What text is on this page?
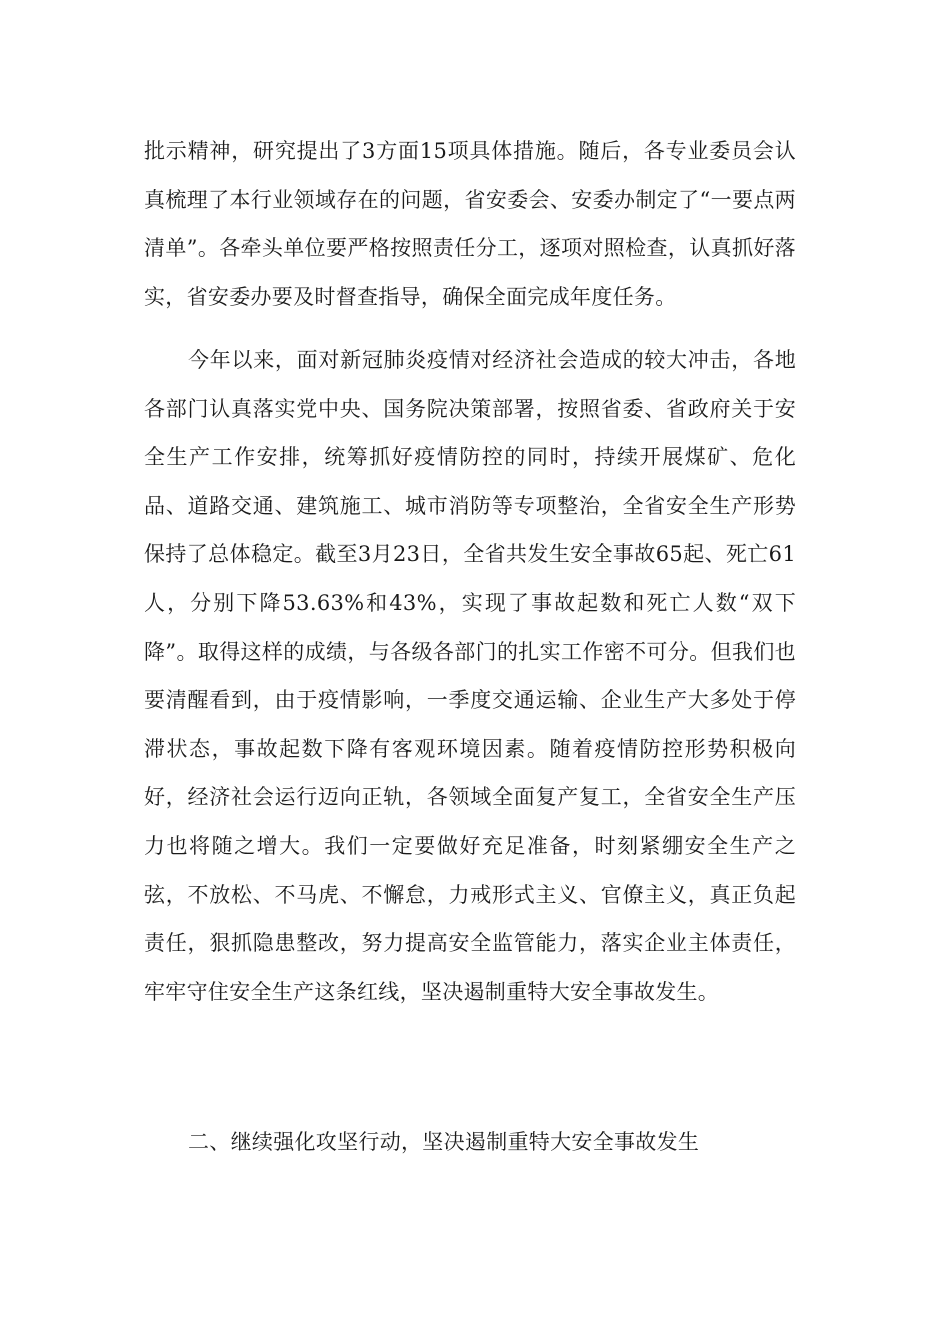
批示精神，研究提出了3方面15项具体措施。随后，各专业委员会认真梳理了本行业领域存在的问题，省安委会、安委办制定了“一要点两清单”。各牵头单位要严格按照责任分工，逐项对照检查，认真抓好落实，省安委办要及时督查指导，确保全面完成年度任务。

今年以来，面对新冠肺炎疫情对经济社会造成的较大冲击，各地各部门认真落实党中央、国务院决策部署，按照省委、省政府关于安全生产工作安排，统筹抓好疫情防控的同时，持续开展煤矿、危化品、道路交通、建筑施工、城市消防等专项整治，全省安全生产形势保持了总体稳定。截至3月23日，全省共发生安全事故65起、死亡61人，分别下降53.63%和43%，实现了事故起数和死亡人数“双下降”。取得这样的成绩，与各级各部门的扎实工作密不可分。但我们也要清醒看到，由于疫情影响，一季度交通运输、企业生产大多处于停滞状态，事故起数下降有客观环境因素。随着疫情防控形势积极向好，经济社会运行迈向正轨，各领域全面复产复工，全省安全生产压力也将随之增大。我们一定要做好充足准备，时刻紧绷安全生产之弦，不放松、不马虎、不懈怠，力戒形式主义、官僚主义，真正负起责任，狠抓隐患整改，努力提高安全监管能力，落实企业主体责任，牢牢守住安全生产这条红线，坚决遏制重特大安全事故发生。

二、继续强化攻坚行动，坚决遏制重特大安全事故发生
